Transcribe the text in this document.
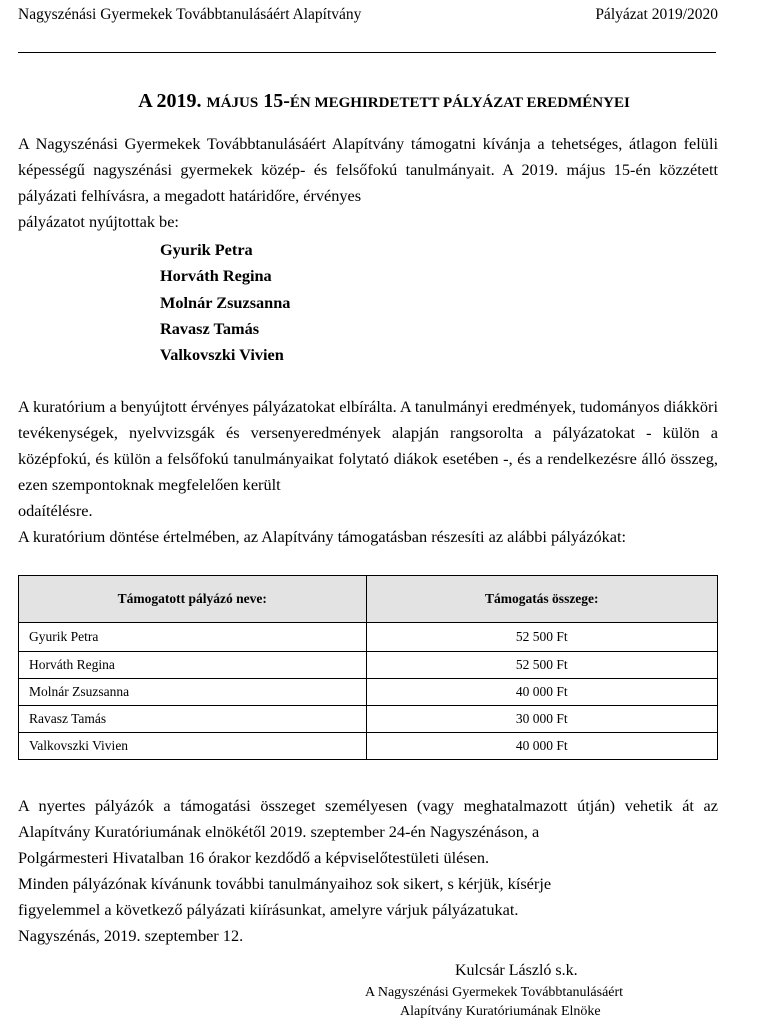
Nagyszénási Gyermekek Továbbtanulásáért Alapítvány	Pályázat 2019/2020
A 2019. MÁJUS 15-ÉN MEGHIRDETETT PÁLYÁZAT EREDMÉNYEI

A Nagyszénási Gyermekek Továbbtanulásáért Alapítvány támogatni kívánja a tehetséges, átlagon felüli képességű nagyszénási gyermekek közép- és felsőfokú tanulmányait. A 2019. május 15-én közzétett pályázati felhívásra, a megadott határidőre, érvényes
pályázatot nyújtottak be:

Gyurik Petra
Horváth Regina
Molnár Zsuzsanna
Ravasz Tamás
Valkovszki Vivien

A kuratórium a benyújtott érvényes pályázatokat elbírálta. A tanulmányi eredmények, tudományos diákköri tevékenységek, nyelvvizsgák és versenyeredmények alapján rangsorolta a pályázatokat - külön a középfokú, és külön a felsőfokú tanulmányaikat folytató diákok esetében -, és a rendelkezésre álló összeg, ezen szempontoknak megfelelően került
odaítélésre.
A kuratórium döntése értelmében, az Alapítvány támogatásban részesíti az alábbi pályázókat:

Támogatott pályázó neve:	Támogatás összege:
Gyurik Petra	52 500 Ft
Horváth Regina	52 500 Ft
Molnár Zsuzsanna	40 000 Ft
Ravasz Tamás	30 000 Ft
Valkovszki Vivien	40 000 Ft

A nyertes pályázók a támogatási összeget személyesen (vagy meghatalmazott útján) vehetik át az Alapítvány Kuratóriumának elnökétől 2019. szeptember 24-én Nagyszénáson, a
Polgármesteri Hivatalban 16 órakor kezdődő a képviselőtestületi ülésen.
Minden pályázónak kívánunk további tanulmányaihoz sok sikert, s kérjük, kísérje
figyelemmel a következő pályázati kiírásunkat, amelyre várjuk pályázatukat.
Nagyszénás, 2019. szeptember 12.

Kulcsár László s.k.
A Nagyszénási Gyermekek Továbbtanulásáért
Alapítvány Kuratóriumának Elnöke
